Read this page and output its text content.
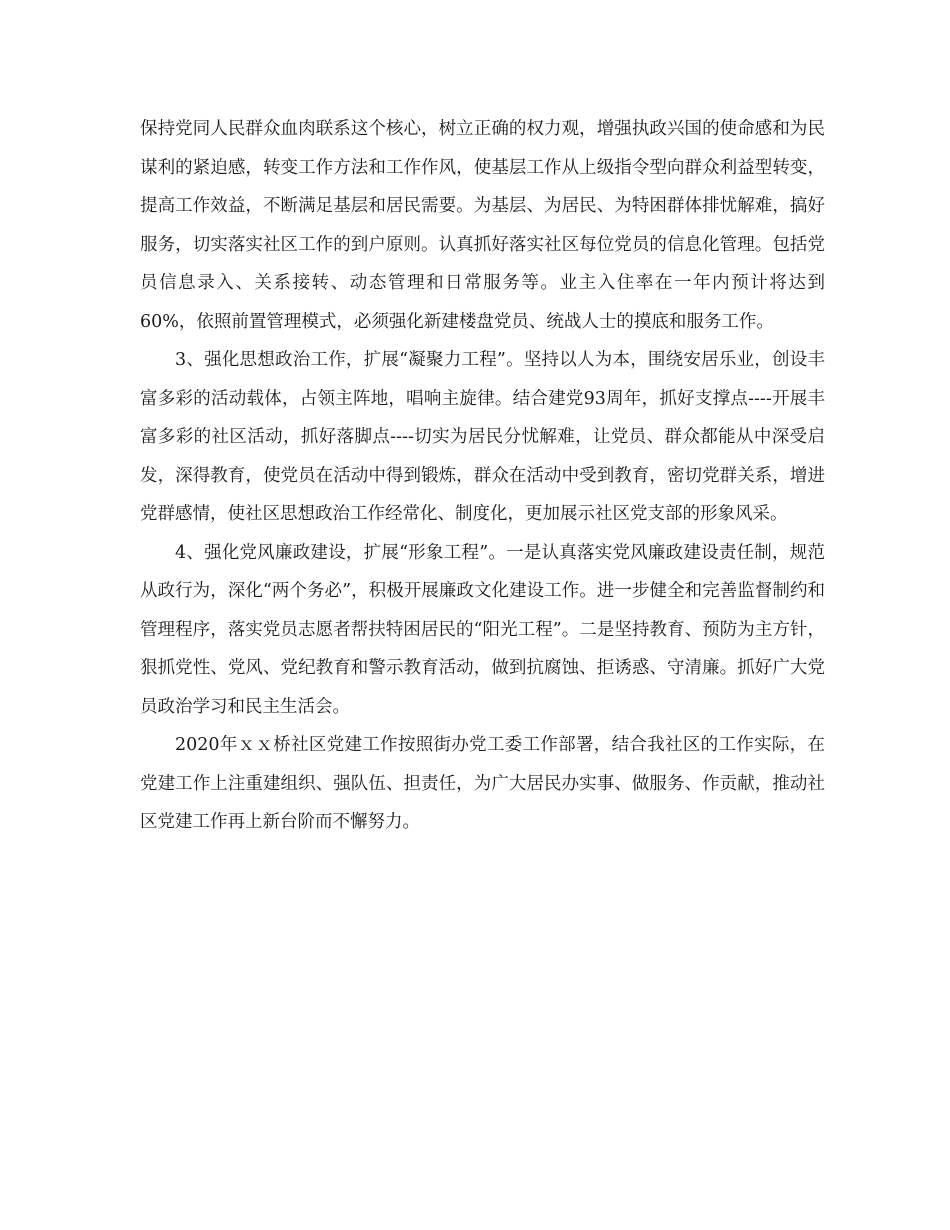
保持党同人民群众血肉联系这个核心，树立正确的权力观，增强执政兴国的使命感和为民谋利的紧迫感，转变工作方法和工作作风，使基层工作从上级指令型向群众利益型转变，提高工作效益，不断满足基层和居民需要。为基层、为居民、为特困群体排忧解难，搞好服务，切实落实社区工作的到户原则。认真抓好落实社区每位党员的信息化管理。包括党员信息录入、关系接转、动态管理和日常服务等。业主入住率在一年内预计将达到60%，依照前置管理模式，必须强化新建楼盘党员、统战人士的摸底和服务工作。

3、强化思想政治工作，扩展“凝聚力工程”。坚持以人为本，围绕安居乐业，创设丰富多彩的活动载体，占领主阵地，唱响主旋律。结合建党93周年，抓好支撑点----开展丰富多彩的社区活动，抓好落脚点----切实为居民分忧解难，让党员、群众都能从中深受启发，深得教育，使党员在活动中得到锻炼，群众在活动中受到教育，密切党群关系，增进党群感情，使社区思想政治工作经常化、制度化，更加展示社区党支部的形象风采。

4、强化党风廉政建设，扩展“形象工程”。一是认真落实党风廉政建设责任制，规范从政行为，深化“两个务必”，积极开展廉政文化建设工作。进一步健全和完善监督制约和管理程序，落实党员志愿者帮扶特困居民的“阳光工程”。二是坚持教育、预防为主方针，狠抓党性、党风、党纪教育和警示教育活动，做到抗腐蚀、拒诱惑、守清廉。抓好广大党员政治学习和民主生活会。

2020年ｘｘ桥社区党建工作按照街办党工委工作部署，结合我社区的工作实际，在党建工作上注重建组织、强队伍、担责任，为广大居民办实事、做服务、作贡献，推动社区党建工作再上新台阶而不懈努力。
